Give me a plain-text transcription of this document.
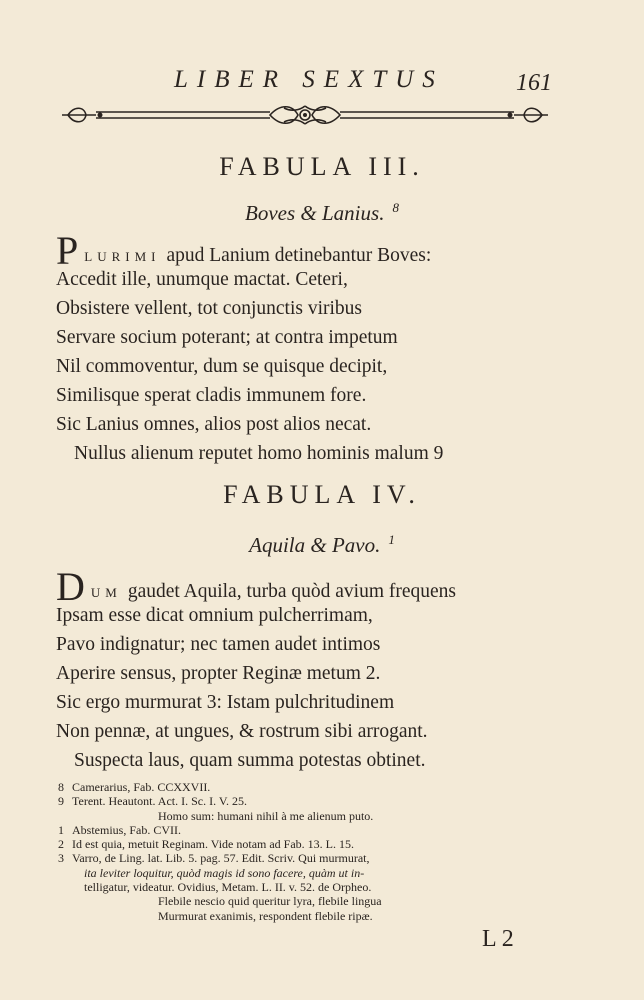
LIBER SEXTUS	161
FABULA III.
Boves & Lanius. $^8$
PLURIMI apud Lanium detinebantur Boves:
Accedit ille, unumque mactat. Ceteri,
Obsistere vellent, tot conjunctis viribus
Servare socium poterant; at contra impetum
Nil commoventur, dum se quisque decipit,
Similisque sperat cladis immunem fore.
Sic Lanius omnes, alios post alios necat.
Nullus alienum reputet homo hominis malum 9
FABULA IV.
Aquila & Pavo. $^1$
DUM gaudet Aquila, turba quòd avium frequens
Ipsam esse dicat omnium pulcherrimam,
Pavo indignatur; nec tamen audet intimos
Aperire sensus, propter Reginæ metum 2.
Sic ergo murmurat 3: Istam pulchritudinem
Non pennæ, at ungues, & rostrum sibi arrogant.
Suspecta laus, quam summa potestas obtinet.
8 Camerarius, Fab. CCXXVII.
9 Terent. Heautont. Act. I. Sc. I. V. 25.
Homo sum: humani nihil à me alienum puto.
1 Abstemius, Fab. CVII.
2 Id est quia, metuit Reginam. Vide notam ad Fab. 13. L. 15.
3 Varro, de Ling. lat. Lib. 5. pag. 57. Edit. Scriv. Qui murmurat,
ita leviter loquitur, quòd magis id sono facere, quàm ut in-
telligatur, videatur. Ovidius, Metam. L. II. v. 52. de Orpheo.
Flebile nescio quid queritur lyra, flebile lingua
Murmurat exanimis, respondent flebile ripæ.
L 2
